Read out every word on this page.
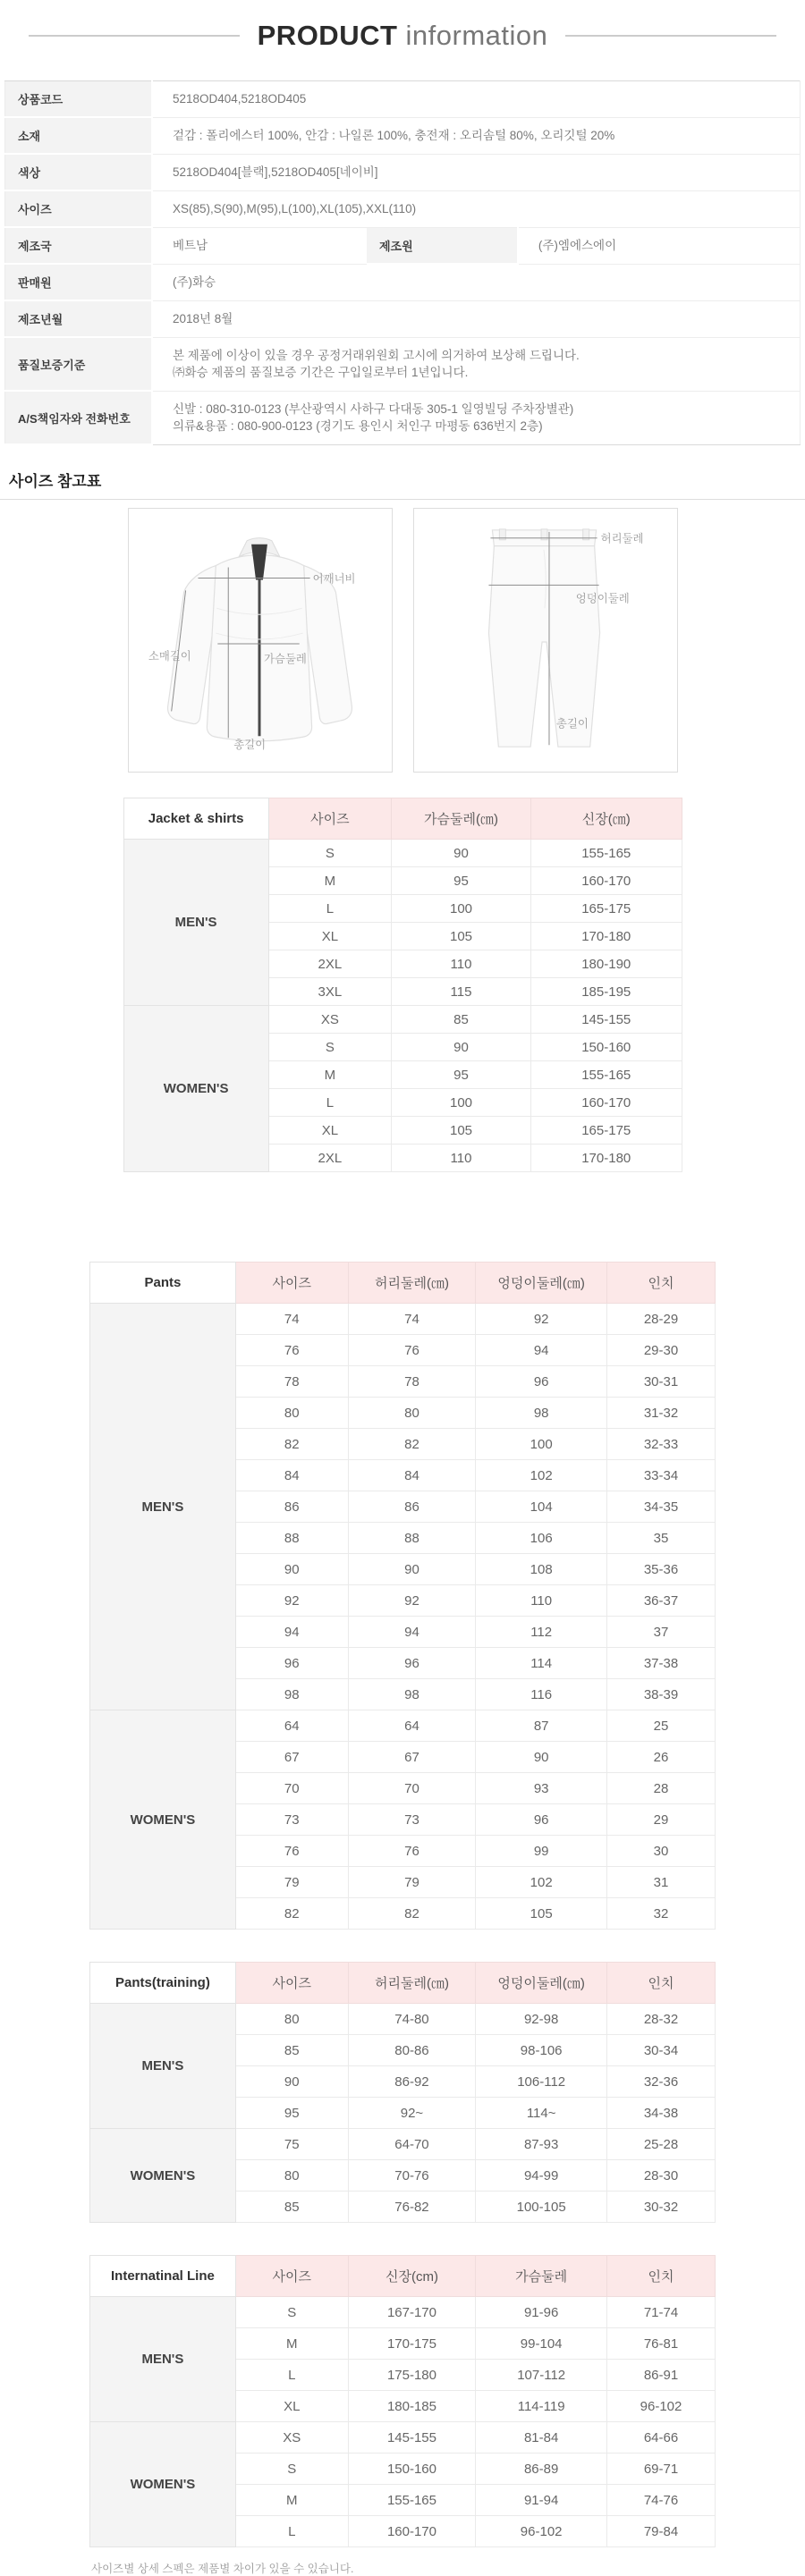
PRODUCT information
상품코드	5218OD404,5218OD405		
소재	겉감 : 폴리에스터 100%, 안감 : 나일론 100%, 충전재 : 오리솜털 80%, 오리깃털 20%		
색상	5218OD404[블랙],5218OD405[네이비]		
사이즈	XS(85),S(90),M(95),L(100),XL(105),XXL(110)		
제조국	베트남	제조원	(주)엠에스에이
판매원	(주)화승		
제조년월	2018년 8월		
품질보증기준	본 제품에 이상이 있을 경우 공정거래위원회 고시에 의거하여 보상해 드립니다.
㈜화승 제품의 품질보증 기간은 구입일로부터 1년입니다.		

A/S책임자와 전화번호	신발 : 080-310-0123 (부산광역시 사하구 다대동 305-1 일영빌딩 주차장별관)
의류&용품 : 080-900-0123 (경기도 용인시 처인구 마평동 636번지 2층)		
사이즈 참고표
어깨너비
가슴둘레
소매길이
총길이
허리둘레
엉덩이둘레
총길이
Jacket & shirts	사이즈	가슴둘레(㎝)	신장(㎝)
MEN'S	S	90	155-165
	M	95	160-170
	L	100	165-175
	XL	105	170-180
	2XL	110	180-190
	3XL	115	185-195
WOMEN'S	XS	85	145-155
	S	90	150-160
	M	95	155-165
	L	100	160-170
	XL	105	165-175
	2XL	110	170-180
Pants	사이즈	허리둘레(㎝)	엉덩이둘레(㎝)	인치
MEN'S	74	74	92	28-29
	76	76	94	29-30
	78	78	96	30-31
	80	80	98	31-32
	82	82	100	32-33
	84	84	102	33-34
	86	86	104	34-35
	88	88	106	35
	90	90	108	35-36
	92	92	110	36-37
	94	94	112	37
	96	96	114	37-38
	98	98	116	38-39
WOMEN'S	64	64	87	25
	67	67	90	26
	70	70	93	28
	73	73	96	29
	76	76	99	30
	79	79	102	31
	82	82	105	32
Pants(training)	사이즈	허리둘레(㎝)	엉덩이둘레(㎝)	인치
MEN'S	80	74-80	92-98	28-32
	85	80-86	98-106	30-34
	90	86-92	106-112	32-36
	95	92~	114~	34-38
WOMEN'S	75	64-70	87-93	25-28
	80	70-76	94-99	28-30
	85	76-82	100-105	30-32
Internatinal Line	사이즈	신장(cm)	가슴둘레	인치
MEN'S	S	167-170	91-96	71-74
	M	170-175	99-104	76-81
	L	175-180	107-112	86-91
	XL	180-185	114-119	96-102
WOMEN'S	XS	145-155	81-84	64-66
	S	150-160	86-89	69-71
	M	155-165	91-94	74-76
	L	160-170	96-102	79-84

사이즈별 상세 스펙은 제품별 차이가 있을 수 있습니다.
